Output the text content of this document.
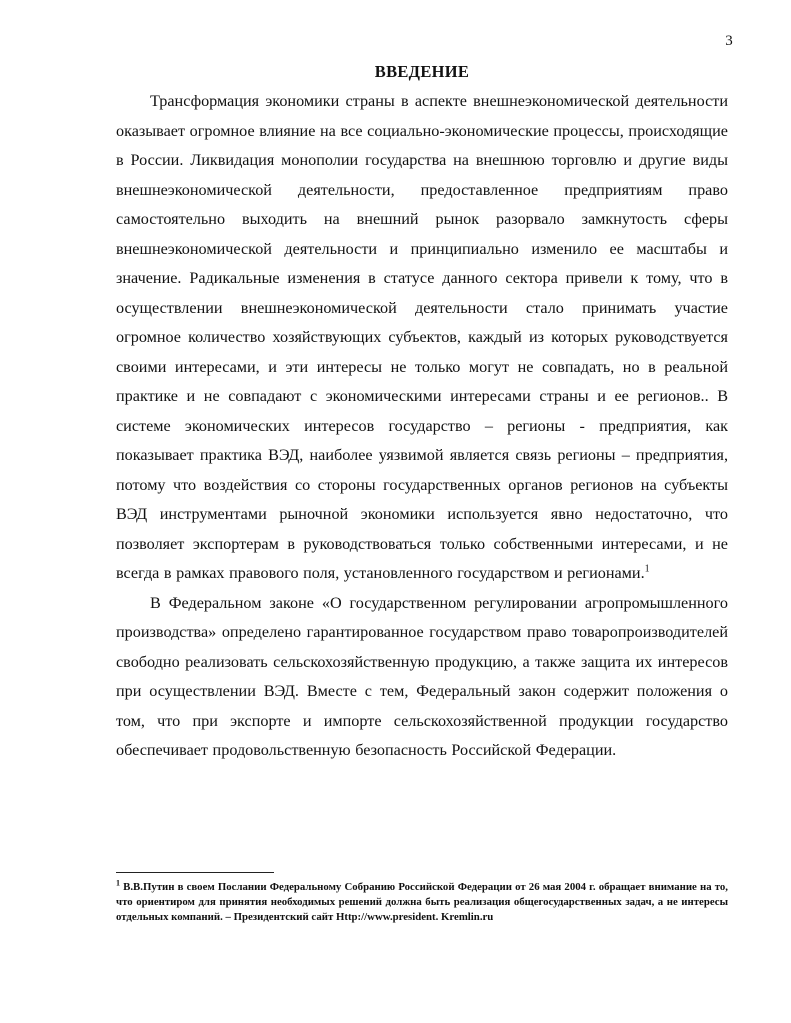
3
ВВЕДЕНИЕ

Трансформация экономики страны в аспекте внешнеэкономической деятельности оказывает огромное влияние на все социально-экономические процессы, происходящие в России. Ликвидация монополии государства на внешнюю торговлю и другие виды внешнеэкономической деятельности, предоставленное предприятиям право самостоятельно выходить на внешний рынок разорвало замкнутость сферы внешнеэкономической деятельности и принципиально изменило ее масштабы и значение. Радикальные изменения в статусе данного сектора привели к тому, что в осуществлении внешнеэкономической деятельности стало принимать участие огромное количество хозяйствующих субъектов, каждый из которых руководствуется своими интересами, и эти интересы не только могут не совпадать, но в реальной практике и не совпадают с экономическими интересами страны и ее регионов.. В системе экономических интересов государство – регионы - предприятия, как показывает практика ВЭД, наиболее уязвимой является связь регионы – предприятия, потому что воздействия со стороны государственных органов регионов на субъекты ВЭД инструментами рыночной экономики используется явно недостаточно, что позволяет экспортерам в руководствоваться только собственными интересами, и не всегда в рамках правового поля, установленного государством и регионами.$^1$

В Федеральном законе «О государственном регулировании агропромышленного производства» определено гарантированное государством право товаропроизводителей свободно реализовать сельскохозяйственную продукцию, а также защита их интересов при осуществлении ВЭД. Вместе с тем, Федеральный закон содержит положения о том, что при экспорте и импорте сельскохозяйственной продукции государство обеспечивает продовольственную безопасность Российской Федерации.

$^1$ В.В.Путин в своем Послании Федеральному Собранию Российской Федерации от 26 мая 2004 г. обращает внимание на то, что ориентиром для принятия необходимых решений должна быть реализация общегосударственных задач, а не интересы отдельных компаний. – Президентский сайт Http://www.president. Kremlin.ru
